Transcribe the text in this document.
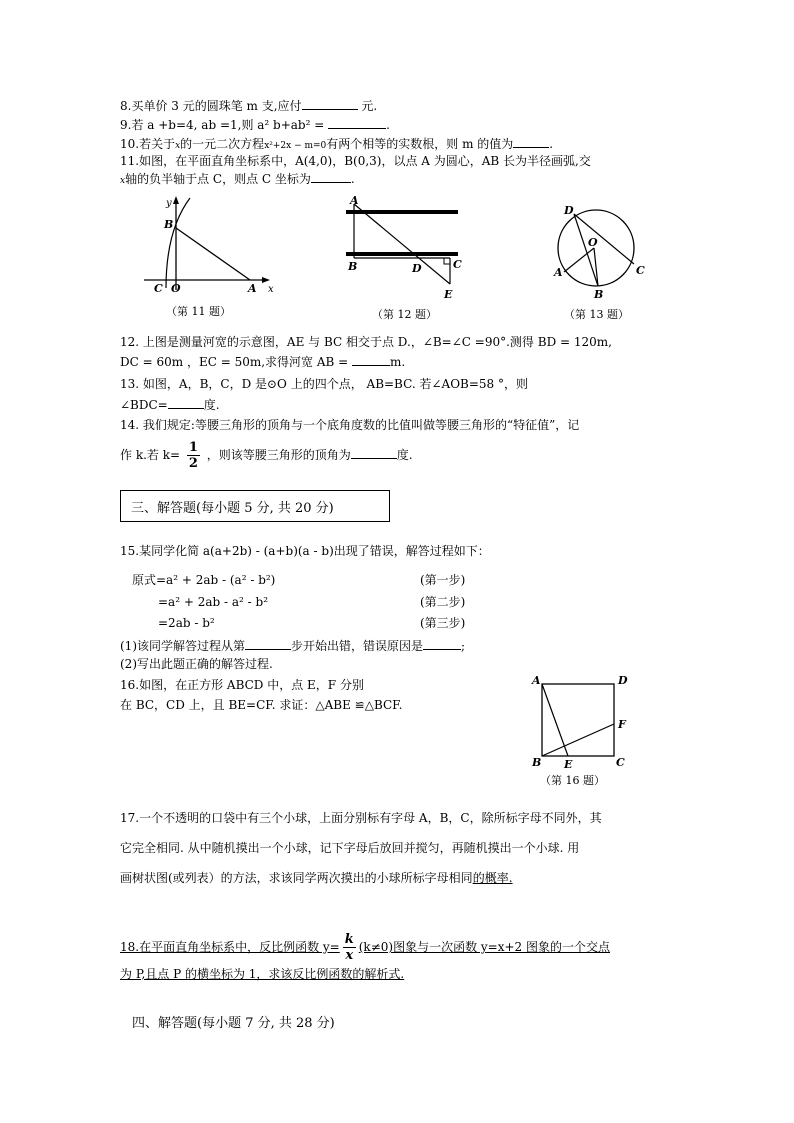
8.买单价 3 元的圆珠笔 m 支,应付	元.
9.若 a +b=4, ab =1,则 a² b+ab² =	.
10.若关于x的一元二次方程x²+2x − m=0有两个相等的实数根，则 m 的值为	.
11.如图，在平面直角坐标系中，A(4,0)，B(0,3)，以点 A 为圆心，AB 长为半径画弧,交
x轴的负半轴于点 C，则点 C 坐标为	.
y
x
B
C O	A
（第 11 题）
A
B	D	C
E
（第 12 题）
D
O
A
B
C
（第 13 题）
12. 上图是测量河宽的示意图，AE 与 BC 相交于点 D.，∠B=∠C =90°.测得 BD = 120m,
DC = 60m ，EC = 50m,求得河宽 AB =	m.
13. 如图，A，B，C，D 是⊙O 上的四个点， AB=BC. 若∠AOB=58 °，则
∠BDC=	度.
14. 我们规定:等腰三角形的顶角与一个底角度数的比值叫做等腰三角形的“特征值”，记
作 k.若 $k= \frac{1}{2}$ ，则该等腰三角形的顶角为	度.
三、解答题(每小题 5 分, 共 20 分)
15.某同学化简 a(a+2b) - (a+b)(a - b)出现了错误，解答过程如下：
原式=a² + 2ab - (a² - b²)	(第一步)
=a² + 2ab - a² - b²	(第二步)
=2ab - b²	(第三步)
(1)该同学解答过程从第	步开始出错，错误原因是	;
(2)写出此题正确的解答过程.
16.如图，在正方形 ABCD 中，点 E，F 分别
在 BC，CD 上，且 BE=CF. 求证：△ABE ≌△BCF.
A	D
F
B E	C
（第 16 题）
17.一个不透明的口袋中有三个小球，上面分别标有字母 A，B，C，除所标字母不同外，其
它完全相同. 从中随机摸出一个小球，记下字母后放回并搅匀，再随机摸出一个小球. 用
画树状图(或列表）的方法，求该同学两次摸出的小球所标字母相同的概率.
18.在平面直角坐标系中，反比例函数 $y= \frac{k}{x} (k\ne 0)$图象与一次函数 y=x+2 图象的一个交点
为 P,且点 P 的横坐标为 1，求该反比例函数的解析式.
四、解答题(每小题 7 分, 共 28 分)
